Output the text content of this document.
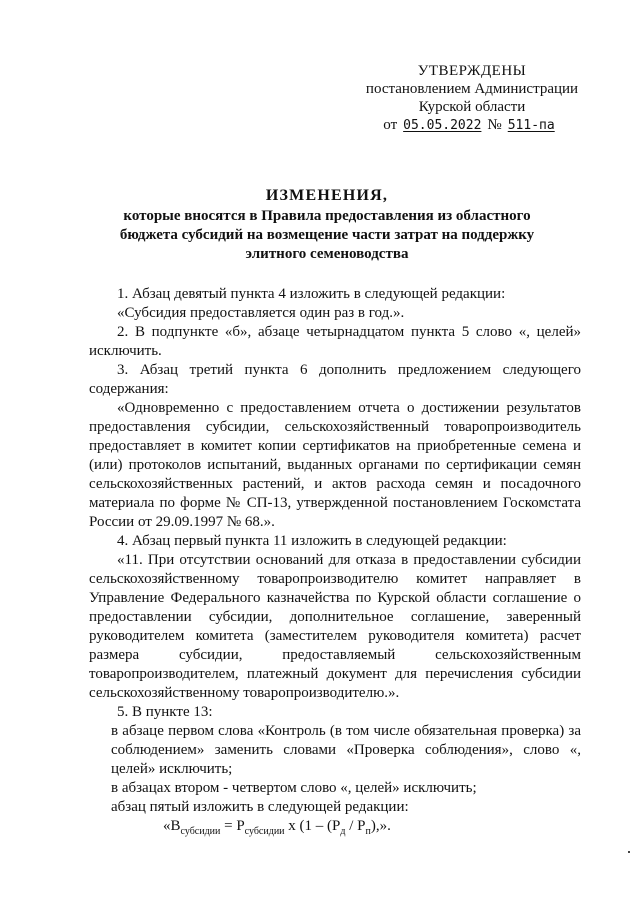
УТВЕРЖДЕНЫ
постановлением Администрации
Курской области
от 05.05.2022 № 511-па
ИЗМЕНЕНИЯ,
которые вносятся в Правила предоставления из областного бюджета субсидий на возмещение части затрат на поддержку элитного семеноводства

1. Абзац девятый пункта 4 изложить в следующей редакции:

«Субсидия предоставляется один раз в год.».

2. В подпункте «б», абзаце четырнадцатом пункта 5 слово «, целей» исключить.

3. Абзац третий пункта 6 дополнить предложением следующего содержания:

«Одновременно с предоставлением отчета о достижении результатов предоставления субсидии, сельскохозяйственный товаропроизводитель предоставляет в комитет копии сертификатов на приобретенные семена и (или) протоколов испытаний, выданных органами по сертификации семян сельскохозяйственных растений, и актов расхода семян и посадочного материала по форме № СП-13, утвержденной постановлением Госкомстата России от 29.09.1997 № 68.».

4. Абзац первый пункта 11 изложить в следующей редакции:

«11. При отсутствии оснований для отказа в предоставлении субсидии сельскохозяйственному товаропроизводителю комитет направляет в Управление Федерального казначейства по Курской области соглашение о предоставлении субсидии, дополнительное соглашение, заверенный руководителем комитета (заместителем руководителя комитета) расчет размера субсидии, предоставляемый сельскохозяйственным товаропроизводителем, платежный документ для перечисления субсидии сельскохозяйственному товаропроизводителю.».

5. В пункте 13:

в абзаце первом слова «Контроль (в том числе обязательная проверка) за соблюдением» заменить словами «Проверка соблюдения», слово «, целей» исключить;

в абзацах втором - четвертом слово «, целей» исключить;

абзац пятый изложить в следующей редакции:

«$В_{субсидии} = Р_{субсидии}$ х ($1 - (Р_д / Р_п)$,».
